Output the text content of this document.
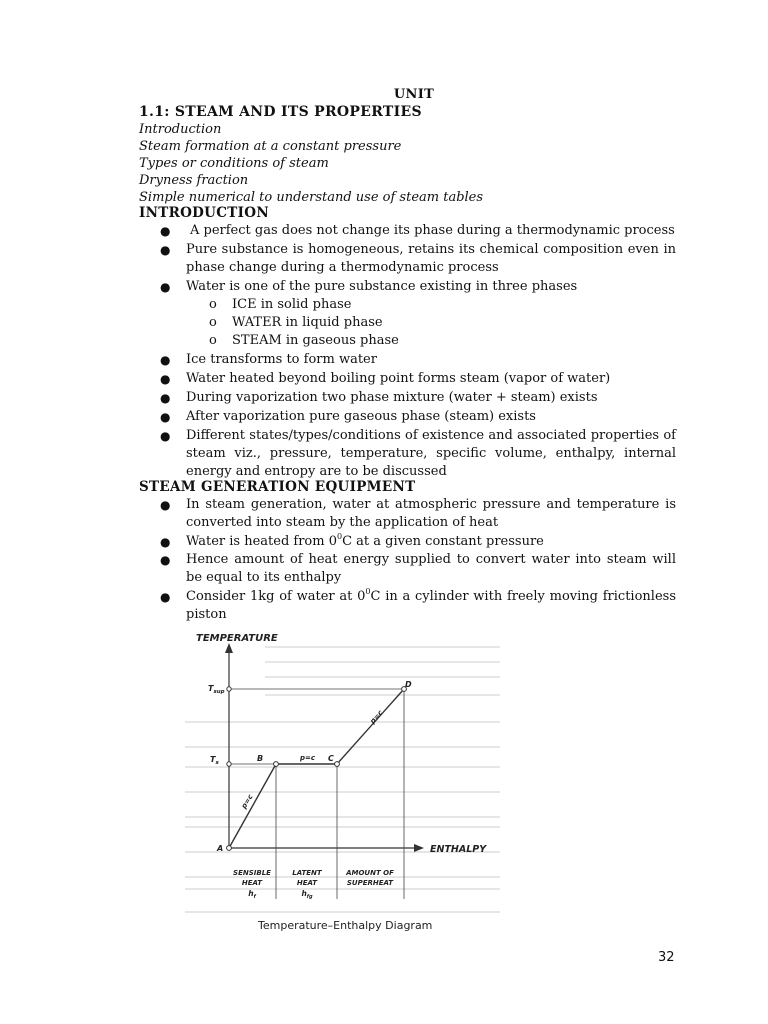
UNIT
1.1: STEAM AND ITS PROPERTIES
Introduction
Steam formation at a constant pressure
Types or conditions of steam
Dryness fraction
Simple numerical to understand use of steam tables
INTRODUCTION
●	A perfect gas does not change its phase during a thermodynamic process
● Pure substance is homogeneous, retains its chemical composition even in phase change during a thermodynamic process
● Water is one of the pure substance existing in three phases
o ICE in solid phase
o WATER in liquid phase
o STEAM in gaseous phase
● Ice transforms to form water
● Water heated beyond boiling point forms steam (vapor of water)
● During vaporization two phase mixture (water + steam) exists
● After vaporization pure gaseous phase (steam) exists
● Different states/types/conditions of existence and associated properties of steam viz., pressure, temperature, specific volume, enthalpy, internal energy and entropy are to be discussed
STEAM GENERATION EQUIPMENT
● In steam generation, water at atmospheric pressure and temperature is converted into steam by the application of heat
● Water is heated from $0^0C$ at a given constant pressure
● Hence amount of heat energy supplied to convert water into steam will be equal to its enthalpy
● Consider 1kg of water at $0^0C$ in a cylinder with freely moving frictionless piston
TEMPERATURE
ENTHALPY
$T_{sup}$
$T_s$
A
B	C
D
p=c
p=c
p=c
SENSIBLE
HEAT
$h_f$
LATENT
HEAT
$h_{fg}$
AMOUNT OF
SUPERHEAT
Temperature–Enthalpy Diagram
32
